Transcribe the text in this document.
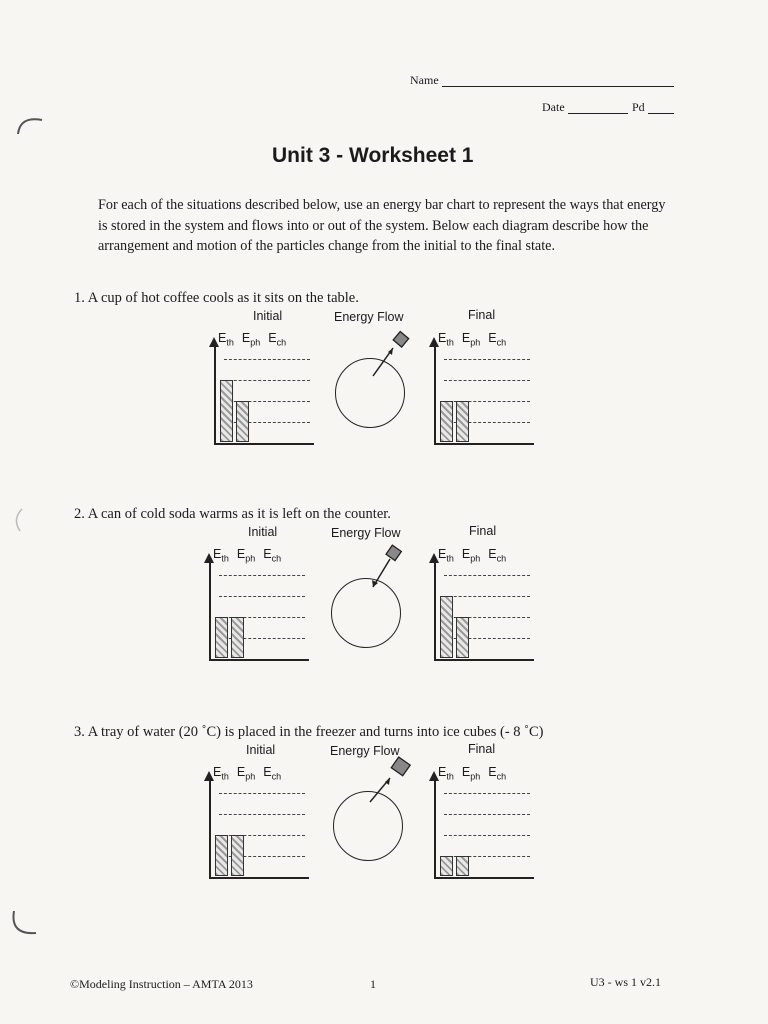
Name
Date	Pd
Unit 3 - Worksheet 1
For each of the situations described below, use an energy bar chart to represent the ways that energy is stored in the system and flows into or out of the system. Below each diagram describe how the arrangement and motion of the particles change from the initial to the final state.
1. A cup of hot coffee cools as it sits on the table.
Initial	Energy Flow	Final
$E_{th}$ $E_{ph}$ $E_{ch}$	$E_{th}$ $E_{ph}$ $E_{ch}$
2. A can of cold soda warms as it is left on the counter.
Initial	Energy Flow	Final
$E_{th}$ $E_{ph}$ $E_{ch}$	$E_{th}$ $E_{ph}$ $E_{ch}$
3. A tray of water (20 ˚C) is placed in the freezer and turns into ice cubes (- 8 ˚C)
Initial	Energy Flow	Final
$E_{th}$ $E_{ph}$ $E_{ch}$	$E_{th}$ $E_{ph}$ $E_{ch}$
©Modeling Instruction – AMTA 2013	1	U3 - ws 1 v2.1
